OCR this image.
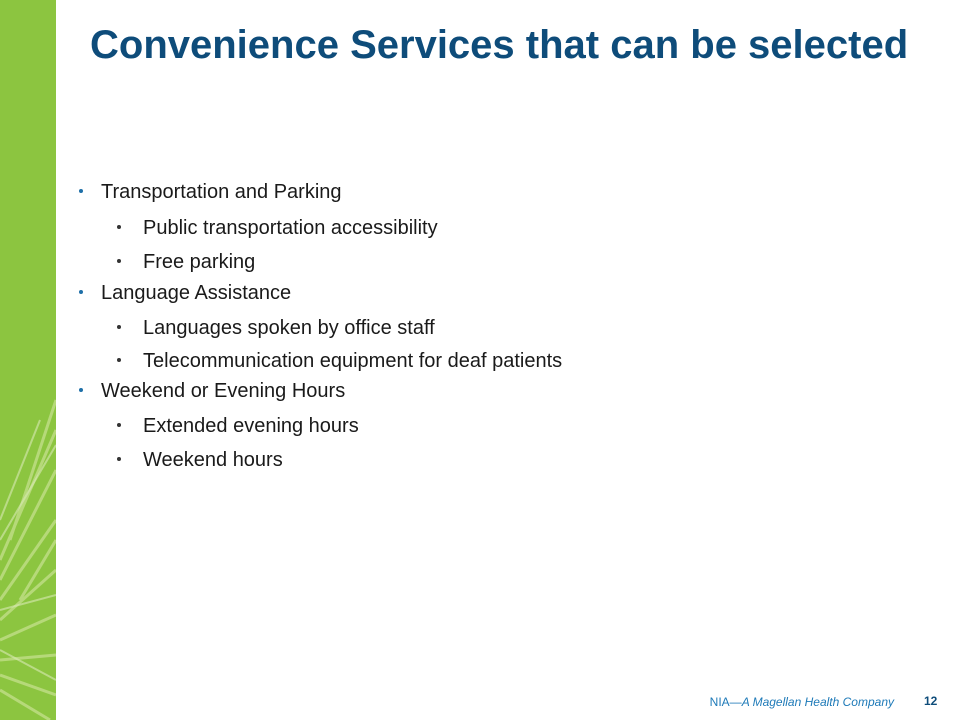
Convenience Services that can be selected
Transportation and Parking
Public transportation accessibility
Free parking
Language Assistance
Languages spoken by office staff
Telecommunication equipment for deaf patients
Weekend or Evening Hours
Extended evening hours
Weekend hours
NIA—A Magellan Health Company	12
